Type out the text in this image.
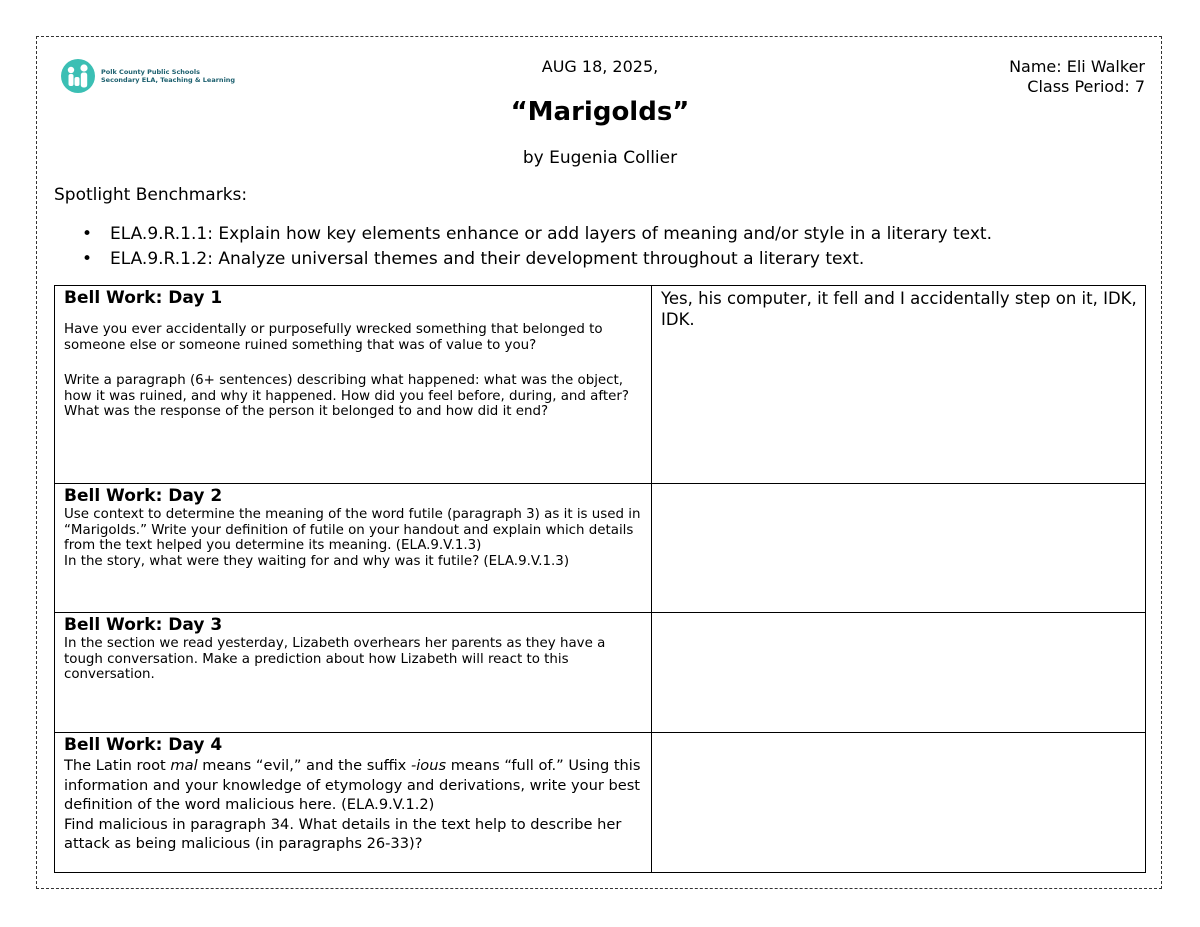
Polk County Public Schools
Secondary ELA, Teaching & Learning
AUG 18, 2025,	Name: Eli Walker
Class Period: 7
“Marigolds”
by Eugenia Collier
Spotlight Benchmarks:
• ELA.9.R.1.1: Explain how key elements enhance or add layers of meaning and/or style in a literary text.
• ELA.9.R.1.2: Analyze universal themes and their development throughout a literary text.
Bell Work: Day 1
Have you ever accidentally or purposefully wrecked something that belonged to someone else or someone ruined something that was of value to you?
Write a paragraph (6+ sentences) describing what happened: what was the object, how it was ruined, and why it happened. How did you feel before, during, and after? What was the response of the person it belonged to and how did it end?	Yes, his computer, it fell and I accidentally step on it, IDK, IDK.

Bell Work: Day 2
Use context to determine the meaning of the word futile (paragraph 3) as it is used in “Marigolds.” Write your definition of futile on your handout and explain which details from the text helped you determine its meaning. (ELA.9.V.1.3)
In the story, what were they waiting for and why was it futile? (ELA.9.V.1.3)	

Bell Work: Day 3
In the section we read yesterday, Lizabeth overhears her parents as they have a tough conversation. Make a prediction about how Lizabeth will react to this conversation.	

Bell Work: Day 4
The Latin root mal means “evil,” and the suffix -ious means “full of.” Using this information and your knowledge of etymology and derivations, write your best definition of the word malicious here. (ELA.9.V.1.2)
Find malicious in paragraph 34. What details in the text help to describe her attack as being malicious (in paragraphs 26-33)?	
